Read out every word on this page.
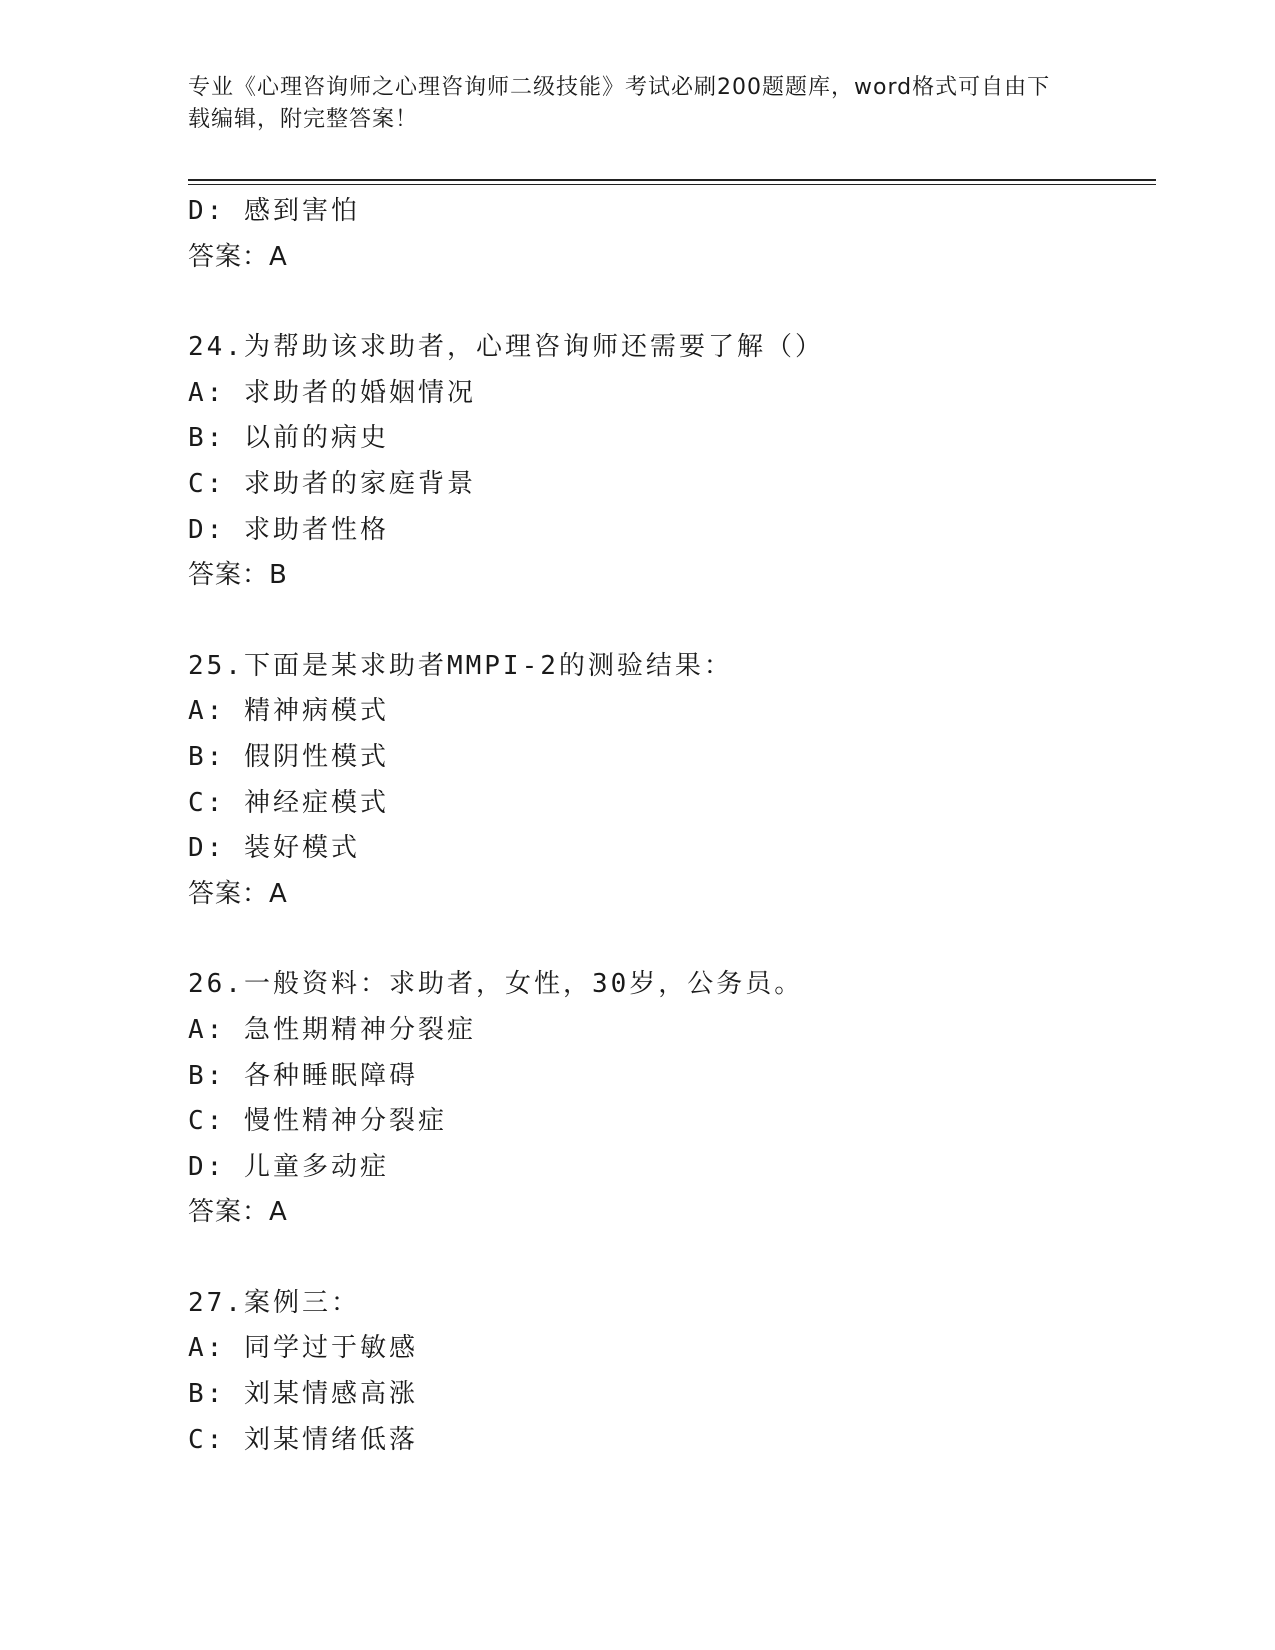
专业《心理咨询师之心理咨询师二级技能》考试必刷200题题库，word格式可自由下载编辑，附完整答案！
D: 感到害怕
答案：A
24.为帮助该求助者，心理咨询师还需要了解（）
A: 求助者的婚姻情况
B: 以前的病史
C: 求助者的家庭背景
D: 求助者性格
答案：B
25.下面是某求助者MMPI-2的测验结果：
A: 精神病模式
B: 假阴性模式
C: 神经症模式
D: 装好模式
答案：A
26.一般资料：求助者，女性，30岁，公务员。
A: 急性期精神分裂症
B: 各种睡眠障碍
C: 慢性精神分裂症
D: 儿童多动症
答案：A
27.案例三：
A: 同学过于敏感
B: 刘某情感高涨
C: 刘某情绪低落
